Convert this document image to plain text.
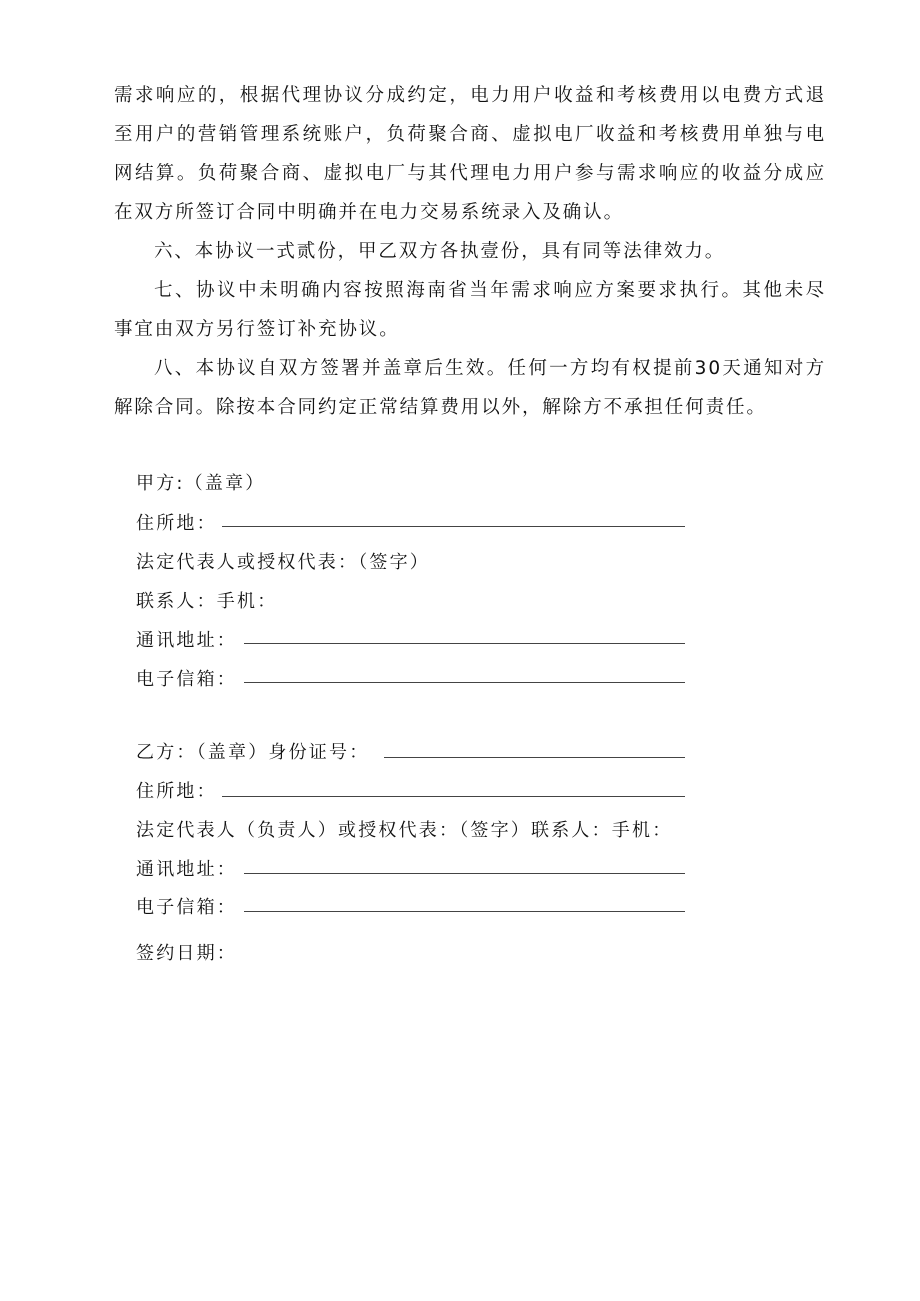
需求响应的，根据代理协议分成约定，电力用户收益和考核费用以电费方式退至用户的营销管理系统账户，负荷聚合商、虚拟电厂收益和考核费用单独与电网结算。负荷聚合商、虚拟电厂与其代理电力用户参与需求响应的收益分成应在双方所签订合同中明确并在电力交易系统录入及确认。

六、本协议一式贰份，甲乙双方各执壹份，具有同等法律效力。

七、协议中未明确内容按照海南省当年需求响应方案要求执行。其他未尽事宜由双方另行签订补充协议。

八、本协议自双方签署并盖章后生效。任何一方均有权提前30天通知对方解除合同。除按本合同约定正常结算费用以外，解除方不承担任何责任。

甲方:（盖章）
住所地：
法定代表人或授权代表：（签字）
联系人：手机：
通讯地址：
电子信箱：
乙方：（盖章）身份证号：
住所地：
法定代表人（负责人）或授权代表：（签字）联系人：手机：
通讯地址：
电子信箱：
签约日期：
